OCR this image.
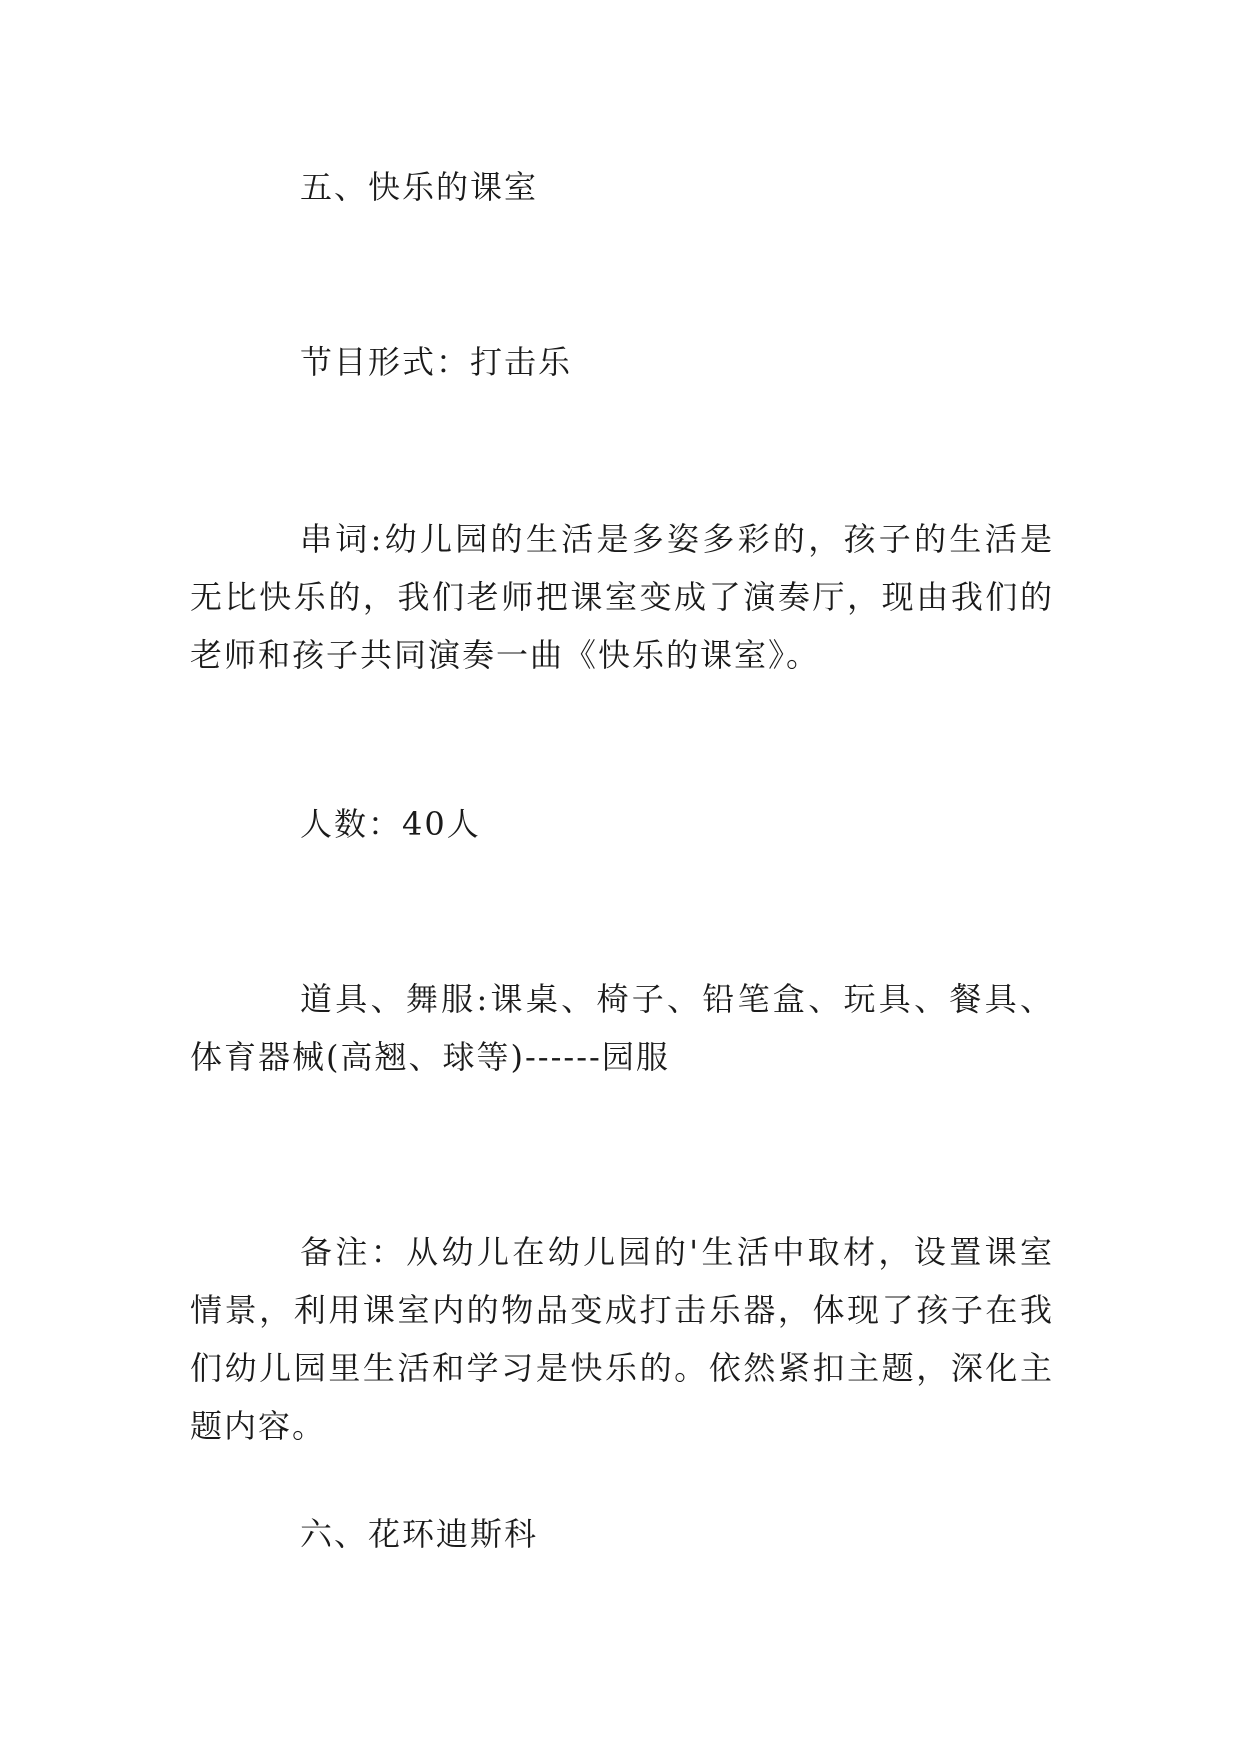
五、快乐的课室

节目形式：打击乐

串词:幼儿园的生活是多姿多彩的，孩子的生活是无比快乐的，我们老师把课室变成了演奏厅，现由我们的老师和孩子共同演奏一曲《快乐的课室》。

人数：40人

道具、舞服:课桌、椅子、铅笔盒、玩具、餐具、体育器械(高翘、球等)------园服

备注：从幼儿在幼儿园的'生活中取材，设置课室情景，利用课室内的物品变成打击乐器，体现了孩子在我们幼儿园里生活和学习是快乐的。依然紧扣主题，深化主题内容。

六、花环迪斯科
